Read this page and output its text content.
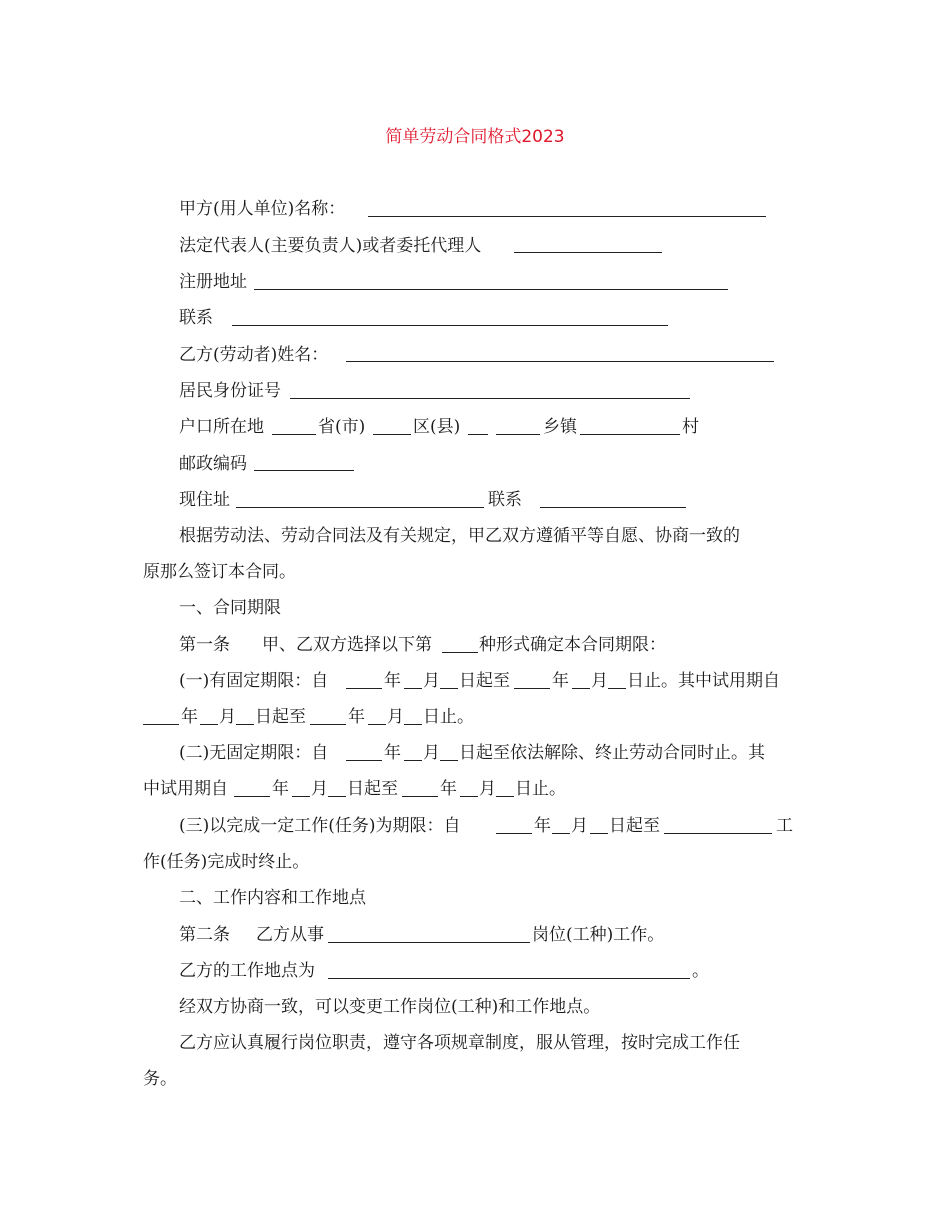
简单劳动合同格式2023
甲方(用人单位)名称：
法定代表人(主要负责人)或者委托代理人
注册地址
联系
乙方(劳动者)姓名：
居民身份证号
户口所在地	省(市)	区(县)	乡镇	村
邮政编码
现住址	联系
根据劳动法、劳动合同法及有关规定，甲乙双方遵循平等自愿、协商一致的
原那么签订本合同。
一、合同期限
第一条	甲、乙双方选择以下第	种形式确定本合同期限：
(一)有固定期限：自	年 月 日起至	年 月 日止。其中试用期自
年 月 日起至	年 月 日止。
(二)无固定期限：自	年 月 日起至依法解除、终止劳动合同时止。其
中试用期自	年 月 日起至	年 月 日止。
(三)以完成一定工作(任务)为期限：自	年 月 日起至	工
作(任务)完成时终止。
二、工作内容和工作地点
第二条	乙方从事	岗位(工种)工作。
乙方的工作地点为	。
经双方协商一致，可以变更工作岗位(工种)和工作地点。
乙方应认真履行岗位职责，遵守各项规章制度，服从管理，按时完成工作任
务。
